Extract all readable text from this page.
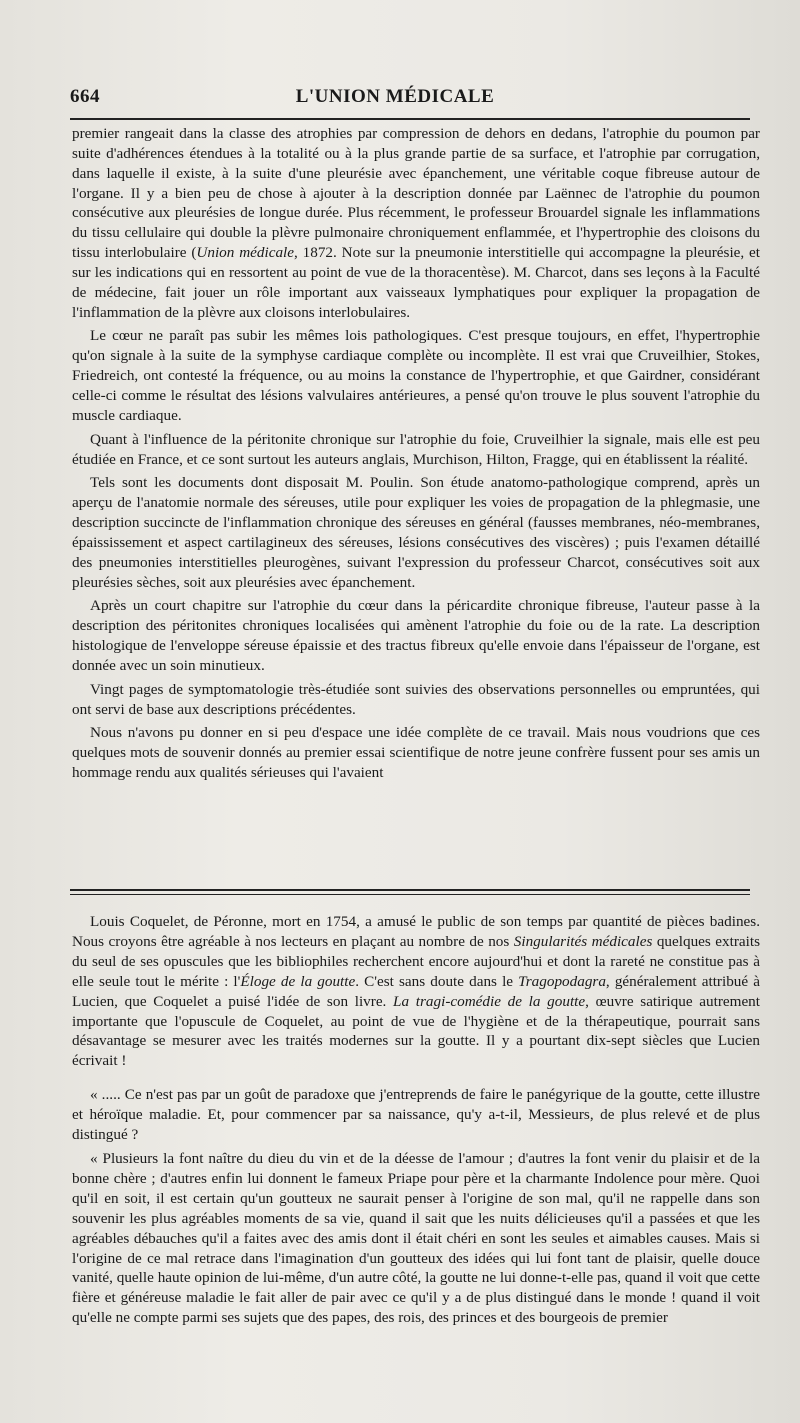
664	L'UNION MÉDICALE

premier rangeait dans la classe des atrophies par compression de dehors en dedans, l'atrophie du poumon par suite d'adhérences étendues à la totalité ou à la plus grande partie de sa surface, et l'atrophie par corrugation, dans laquelle il existe, à la suite d'une pleurésie avec épanchement, une véritable coque fibreuse autour de l'organe. Il y a bien peu de chose à ajouter à la description donnée par Laënnec de l'atrophie du poumon consécutive aux pleurésies de longue durée. Plus récemment, le professeur Brouardel signale les inflammations du tissu cellulaire qui double la plèvre pulmonaire chroniquement enflammée, et l'hypertrophie des cloisons du tissu interlobulaire (Union médicale, 1872. Note sur la pneumonie interstitielle qui accompagne la pleurésie, et sur les indications qui en ressortent au point de vue de la thoracentèse). M. Charcot, dans ses leçons à la Faculté de médecine, fait jouer un rôle important aux vaisseaux lymphatiques pour expliquer la propagation de l'inflammation de la plèvre aux cloisons interlobulaires.

Le cœur ne paraît pas subir les mêmes lois pathologiques. C'est presque toujours, en effet, l'hypertrophie qu'on signale à la suite de la symphyse cardiaque complète ou incomplète. Il est vrai que Cruveilhier, Stokes, Friedreich, ont contesté la fréquence, ou au moins la constance de l'hypertrophie, et que Gairdner, considérant celle-ci comme le résultat des lésions valvulaires antérieures, a pensé qu'on trouve le plus souvent l'atrophie du muscle cardiaque.

Quant à l'influence de la péritonite chronique sur l'atrophie du foie, Cruveilhier la signale, mais elle est peu étudiée en France, et ce sont surtout les auteurs anglais, Murchison, Hilton, Fragge, qui en établissent la réalité.

Tels sont les documents dont disposait M. Poulin. Son étude anatomo-pathologique comprend, après un aperçu de l'anatomie normale des séreuses, utile pour expliquer les voies de propagation de la phlegmasie, une description succincte de l'inflammation chronique des séreuses en général (fausses membranes, néo-membranes, épaississement et aspect cartilagineux des séreuses, lésions consécutives des viscères) ; puis l'examen détaillé des pneumonies interstitielles pleurogènes, suivant l'expression du professeur Charcot, consécutives soit aux pleurésies sèches, soit aux pleurésies avec épanchement.

Après un court chapitre sur l'atrophie du cœur dans la péricardite chronique fibreuse, l'auteur passe à la description des péritonites chroniques localisées qui amènent l'atrophie du foie ou de la rate. La description histologique de l'enveloppe séreuse épaissie et des tractus fibreux qu'elle envoie dans l'épaisseur de l'organe, est donnée avec un soin minutieux.

Vingt pages de symptomatologie très-étudiée sont suivies des observations personnelles ou empruntées, qui ont servi de base aux descriptions précédentes.

Nous n'avons pu donner en si peu d'espace une idée complète de ce travail. Mais nous voudrions que ces quelques mots de souvenir donnés au premier essai scientifique de notre jeune confrère fussent pour ses amis un hommage rendu aux qualités sérieuses qui l'avaient

Louis Coquelet, de Péronne, mort en 1754, a amusé le public de son temps par quantité de pièces badines. Nous croyons être agréable à nos lecteurs en plaçant au nombre de nos Singularités médicales quelques extraits du seul de ses opuscules que les bibliophiles recherchent encore aujourd'hui et dont la rareté ne constitue pas à elle seule tout le mérite : l'Éloge de la goutte. C'est sans doute dans le Tragopodagra, généralement attribué à Lucien, que Coquelet a puisé l'idée de son livre. La tragi-comédie de la goutte, œuvre satirique autrement importante que l'opuscule de Coquelet, au point de vue de l'hygiène et de la thérapeutique, pourrait sans désavantage se mesurer avec les traités modernes sur la goutte. Il y a pourtant dix-sept siècles que Lucien écrivait !

« ..... Ce n'est pas par un goût de paradoxe que j'entreprends de faire le panégyrique de la goutte, cette illustre et héroïque maladie. Et, pour commencer par sa naissance, qu'y a-t-il, Messieurs, de plus relevé et de plus distingué ?

« Plusieurs la font naître du dieu du vin et de la déesse de l'amour ; d'autres la font venir du plaisir et de la bonne chère ; d'autres enfin lui donnent le fameux Priape pour père et la charmante Indolence pour mère. Quoi qu'il en soit, il est certain qu'un goutteux ne saurait penser à l'origine de son mal, qu'il ne rappelle dans son souvenir les plus agréables moments de sa vie, quand il sait que les nuits délicieuses qu'il a passées et que les agréables débauches qu'il a faites avec des amis dont il était chéri en sont les seules et aimables causes. Mais si l'origine de ce mal retrace dans l'imagination d'un goutteux des idées qui lui font tant de plaisir, quelle douce vanité, quelle haute opinion de lui-même, d'un autre côté, la goutte ne lui donne-t-elle pas, quand il voit que cette fière et généreuse maladie le fait aller de pair avec ce qu'il y a de plus distingué dans le monde ! quand il voit qu'elle ne compte parmi ses sujets que des papes, des rois, des princes et des bourgeois de premier
